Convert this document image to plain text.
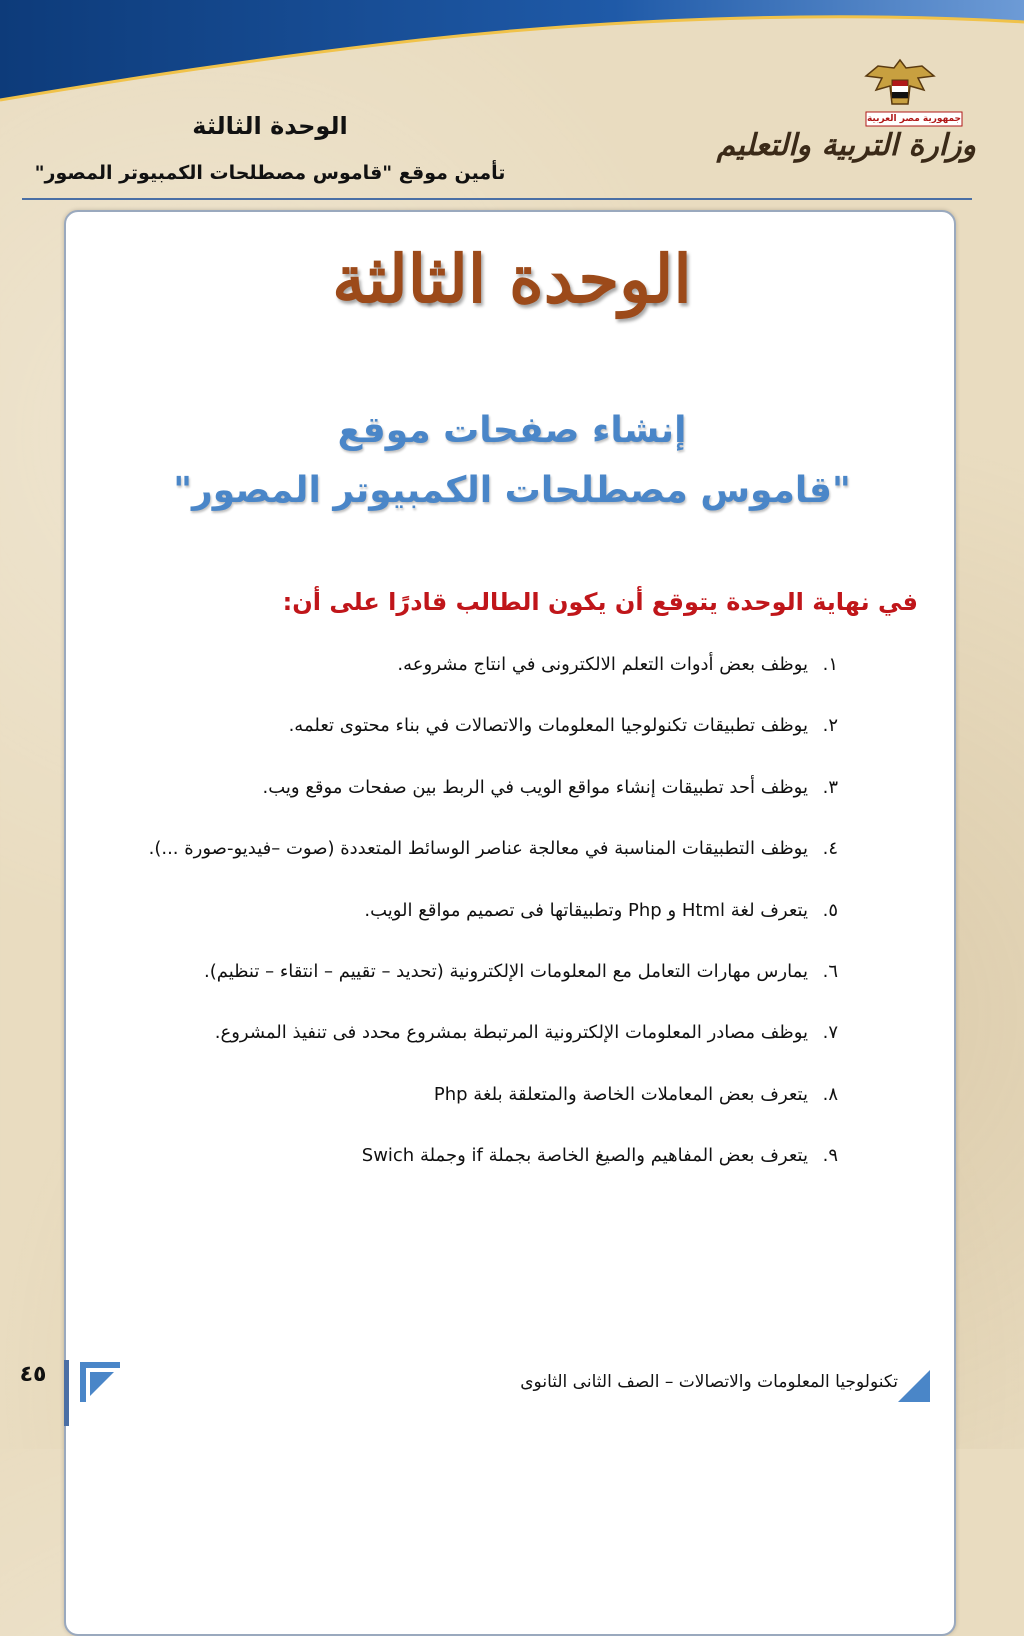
الوحدة الثالثة
تأمين موقع "قاموس مصطلحات الكمبيوتر المصور"
جمهورية مصر العربية
وزارة التربية والتعليم
الوحدة الثالثة
إنشاء صفحات موقع
"قاموس مصطلحات الكمبيوتر المصور"
في نهاية الوحدة يتوقع أن يكون الطالب قادرًا على أن:
١.
يوظف بعض أدوات التعلم الالكترونى في انتاج مشروعه.
٢.
يوظف تطبيقات تكنولوجيا المعلومات والاتصالات في بناء محتوى تعلمه.
٣.
يوظف أحد تطبيقات إنشاء مواقع الويب في الربط بين صفحات موقع ويب.
٤.
يوظف التطبيقات المناسبة في معالجة عناصر الوسائط المتعددة (صوت –فيديو-صورة ...).
٥.
يتعرف لغة Html و Php وتطبيقاتها فى تصميم مواقع الويب.
٦.
يمارس مهارات التعامل مع المعلومات الإلكترونية (تحديد – تقييم – انتقاء – تنظيم).
٧.
يوظف مصادر المعلومات الإلكترونية المرتبطة بمشروع محدد فى تنفيذ المشروع.
٨.
يتعرف بعض المعاملات الخاصة والمتعلقة بلغة Php
٩.
يتعرف بعض المفاهيم والصيغ الخاصة بجملة if وجملة Swich
٤٥	تكنولوجيا المعلومات والاتصالات – الصف الثانى الثانوى
